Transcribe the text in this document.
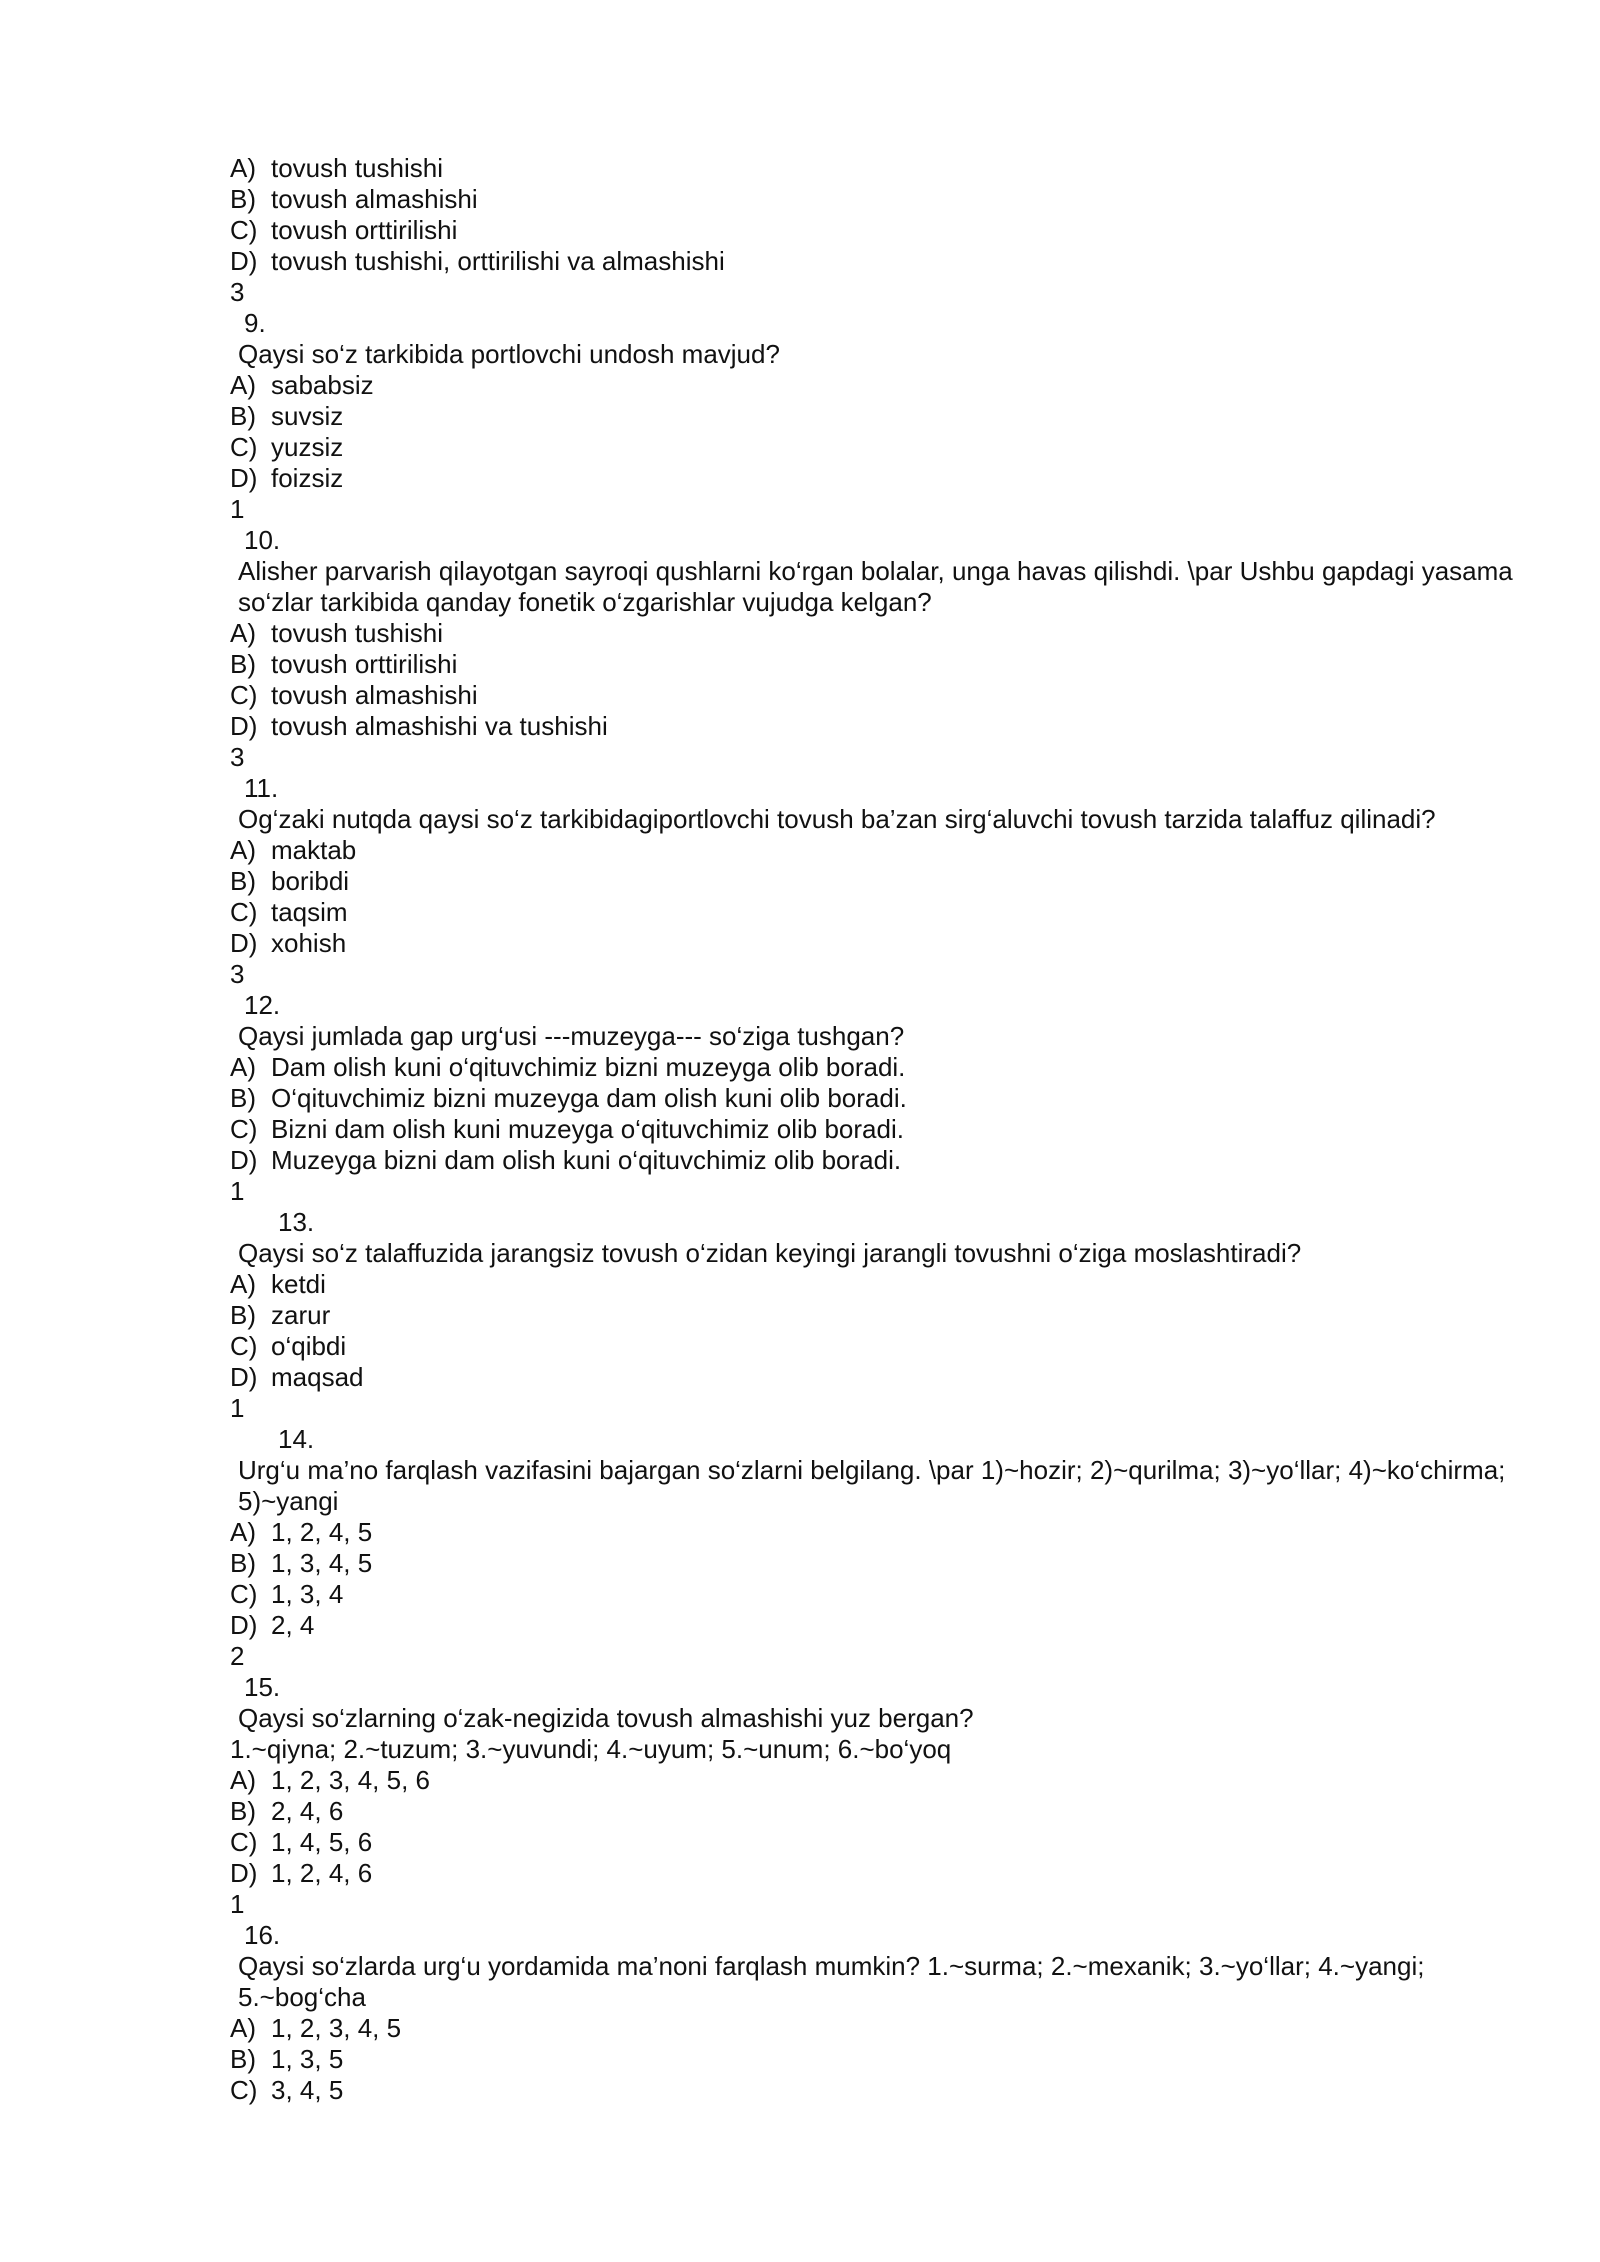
A) tovush tushishi
B) tovush almashishi
C) tovush orttirilishi
D) tovush tushishi, orttirilishi va almashishi
3
9.
Qaysi so‘z tarkibida portlovchi undosh mavjud?
A) sababsiz
B) suvsiz
C) yuzsiz
D) foizsiz
1
10.
Alisher parvarish qilayotgan sayroqi qushlarni ko‘rgan bolalar, unga havas qilishdi. \par Ushbu gapdagi yasama so‘zlar tarkibida qanday fonetik o‘zgarishlar vujudga kelgan?
A) tovush tushishi
B) tovush orttirilishi
C) tovush almashishi
D) tovush almashishi va tushishi
3
11.
Og‘zaki nutqda qaysi so‘z tarkibidagiportlovchi tovush ba’zan sirg‘aluvchi tovush tarzida talaffuz qilinadi?
A) maktab
B) boribdi
C) taqsim
D) xohish
3
12.
Qaysi jumlada gap urg‘usi ---muzeyga--- so‘ziga tushgan?
A) Dam olish kuni o‘qituvchimiz bizni muzeyga olib boradi.
B) O‘qituvchimiz bizni muzeyga dam olish kuni olib boradi.
C) Bizni dam olish kuni muzeyga o‘qituvchimiz olib boradi.
D) Muzeyga bizni dam olish kuni o‘qituvchimiz olib boradi.
1
13.
Qaysi so‘z talaffuzida jarangsiz tovush o‘zidan keyingi jarangli tovushni o‘ziga moslashtiradi?
A) ketdi
B) zarur
C) o‘qibdi
D) maqsad
1
14.
Urg‘u ma’no farqlash vazifasini bajargan so‘zlarni belgilang. \par 1)~hozir; 2)~qurilma; 3)~yo‘llar; 4)~ko‘chirma; 5)~yangi
A) 1, 2, 4, 5
B) 1, 3, 4, 5
C) 1, 3, 4
D) 2, 4
2
15.
Qaysi so‘zlarning o‘zak-negizida tovush almashishi yuz bergan?
1.~qiyna; 2.~tuzum; 3.~yuvundi; 4.~uyum; 5.~unum; 6.~bo‘yoq
A) 1, 2, 3, 4, 5, 6
B) 2, 4, 6
C) 1, 4, 5, 6
D) 1, 2, 4, 6
1
16.
Qaysi so‘zlarda urg‘u yordamida ma’noni farqlash mumkin? 1.~surma; 2.~mexanik; 3.~yo‘llar; 4.~yangi; 5.~bog‘cha
A) 1, 2, 3, 4, 5
B) 1, 3, 5
C) 3, 4, 5
